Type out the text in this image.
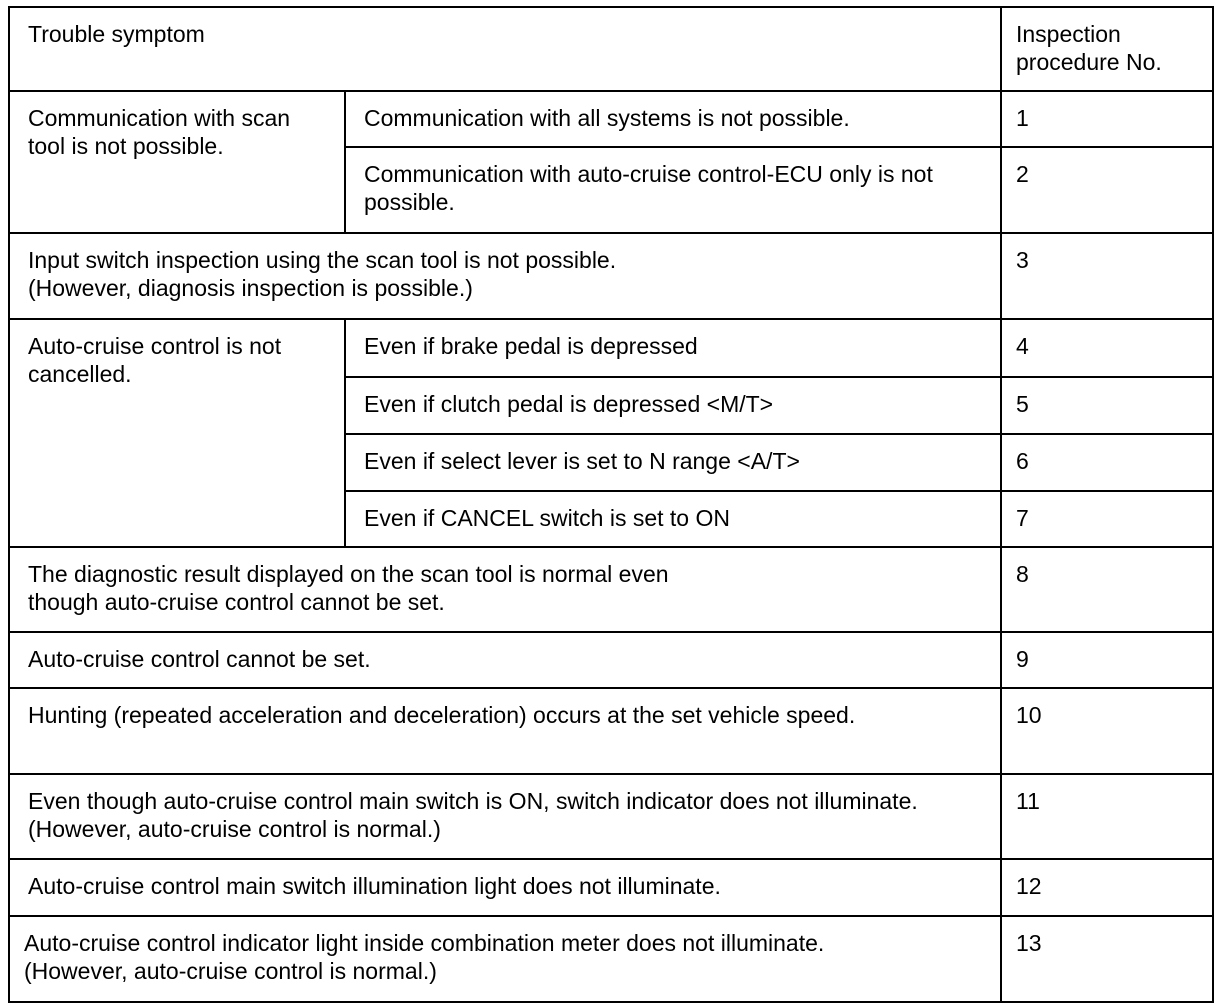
Trouble symptom		Inspection
procedure No.
Communication with scan tool is not possible.	Communication with all systems is not possible.	1
	Communication with auto-cruise control-ECU only is not possible.	2
Input switch inspection using the scan tool is not possible.
(However, diagnosis inspection is possible.)		3
Auto-cruise control is not cancelled.	Even if brake pedal is depressed	4
	Even if clutch pedal is depressed <M/T>	5
	Even if select lever is set to N range <A/T>	6
	Even if CANCEL switch is set to ON	7
The diagnostic result displayed on the scan tool is normal even though auto-cruise control cannot be set.		8
Auto-cruise control cannot be set.		9
Hunting (repeated acceleration and deceleration) occurs at the set vehicle speed.		10
Even though auto-cruise control main switch is ON, switch indicator does not illuminate. (However, auto-cruise control is normal.)		11
Auto-cruise control main switch illumination light does not illuminate.		12
Auto-cruise control indicator light inside combination meter does not illuminate.
(However, auto-cruise control is normal.)		13
